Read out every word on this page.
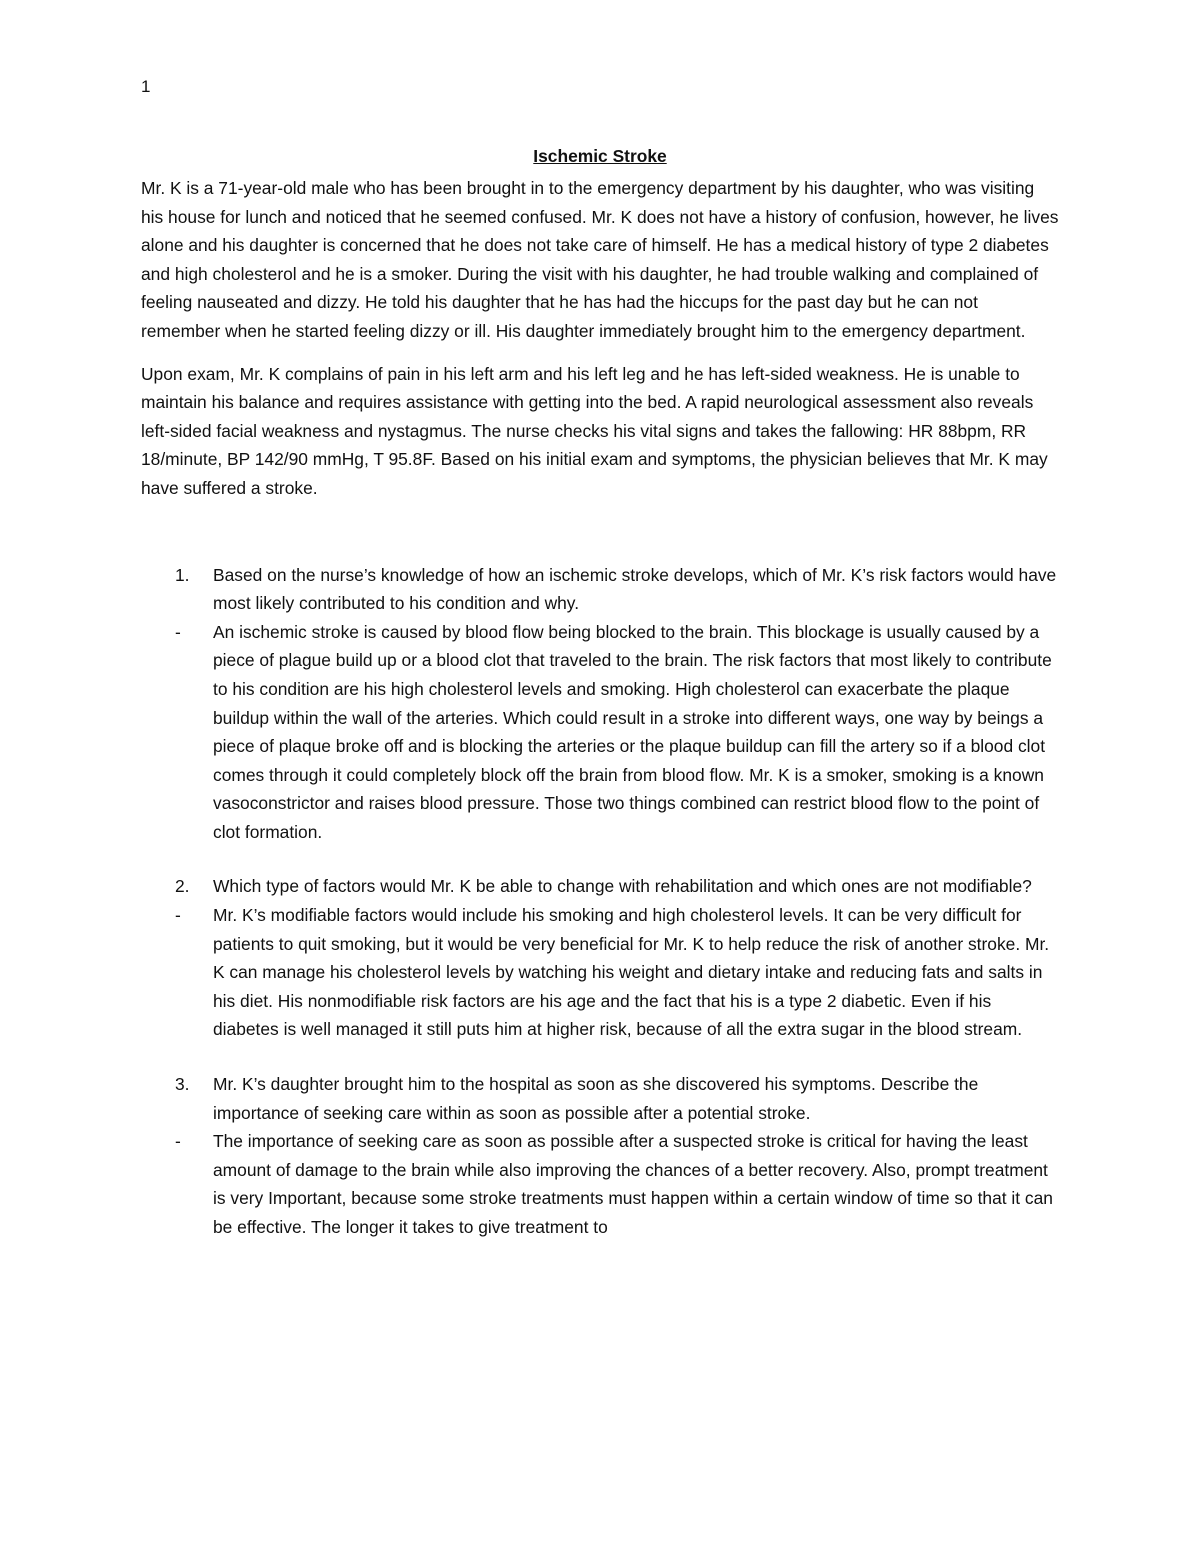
1
Ischemic Stroke

Mr. K is a 71-year-old male who has been brought in to the emergency department by his daughter, who was visiting his house for lunch and noticed that he seemed confused. Mr. K does not have a history of confusion, however, he lives alone and his daughter is concerned that he does not take care of himself. He has a medical history of type 2 diabetes and high cholesterol and he is a smoker. During the visit with his daughter, he had trouble walking and complained of feeling nauseated and dizzy. He told his daughter that he has had the hiccups for the past day but he can not remember when he started feeling dizzy or ill. His daughter immediately brought him to the emergency department.

Upon exam, Mr. K complains of pain in his left arm and his left leg and he has left-sided weakness. He is unable to maintain his balance and requires assistance with getting into the bed. A rapid neurological assessment also reveals left-sided facial weakness and nystagmus. The nurse checks his vital signs and takes the fallowing: HR 88bpm, RR 18/minute, BP 142/90 mmHg, T 95.8F. Based on his initial exam and symptoms, the physician believes that Mr. K may have suffered a stroke.

1.	Based on the nurse’s knowledge of how an ischemic stroke develops, which of Mr. K’s risk factors would have most likely contributed to his condition and why.
-	An ischemic stroke is caused by blood flow being blocked to the brain. This blockage is usually caused by a piece of plague build up or a blood clot that traveled to the brain. The risk factors that most likely to contribute to his condition are his high cholesterol levels and smoking. High cholesterol can exacerbate the plaque buildup within the wall of the arteries. Which could result in a stroke into different ways, one way by beings a piece of plaque broke off and is blocking the arteries or the plaque buildup can fill the artery so if a blood clot comes through it could completely block off the brain from blood flow. Mr. K is a smoker, smoking is a known vasoconstrictor and raises blood pressure. Those two things combined can restrict blood flow to the point of clot formation.
2.	Which type of factors would Mr. K be able to change with rehabilitation and which ones are not modifiable?
-	Mr. K’s modifiable factors would include his smoking and high cholesterol levels. It can be very difficult for patients to quit smoking, but it would be very beneficial for Mr. K to help reduce the risk of another stroke. Mr. K can manage his cholesterol levels by watching his weight and dietary intake and reducing fats and salts in his diet. His nonmodifiable risk factors are his age and the fact that his is a type 2 diabetic. Even if his diabetes is well managed it still puts him at higher risk, because of all the extra sugar in the blood stream.
3.	Mr. K’s daughter brought him to the hospital as soon as she discovered his symptoms. Describe the importance of seeking care within as soon as possible after a potential stroke.
-	The importance of seeking care as soon as possible after a suspected stroke is critical for having the least amount of damage to the brain while also improving the chances of a better recovery. Also, prompt treatment is very Important, because some stroke treatments must happen within a certain window of time so that it can be effective. The longer it takes to give treatment to
